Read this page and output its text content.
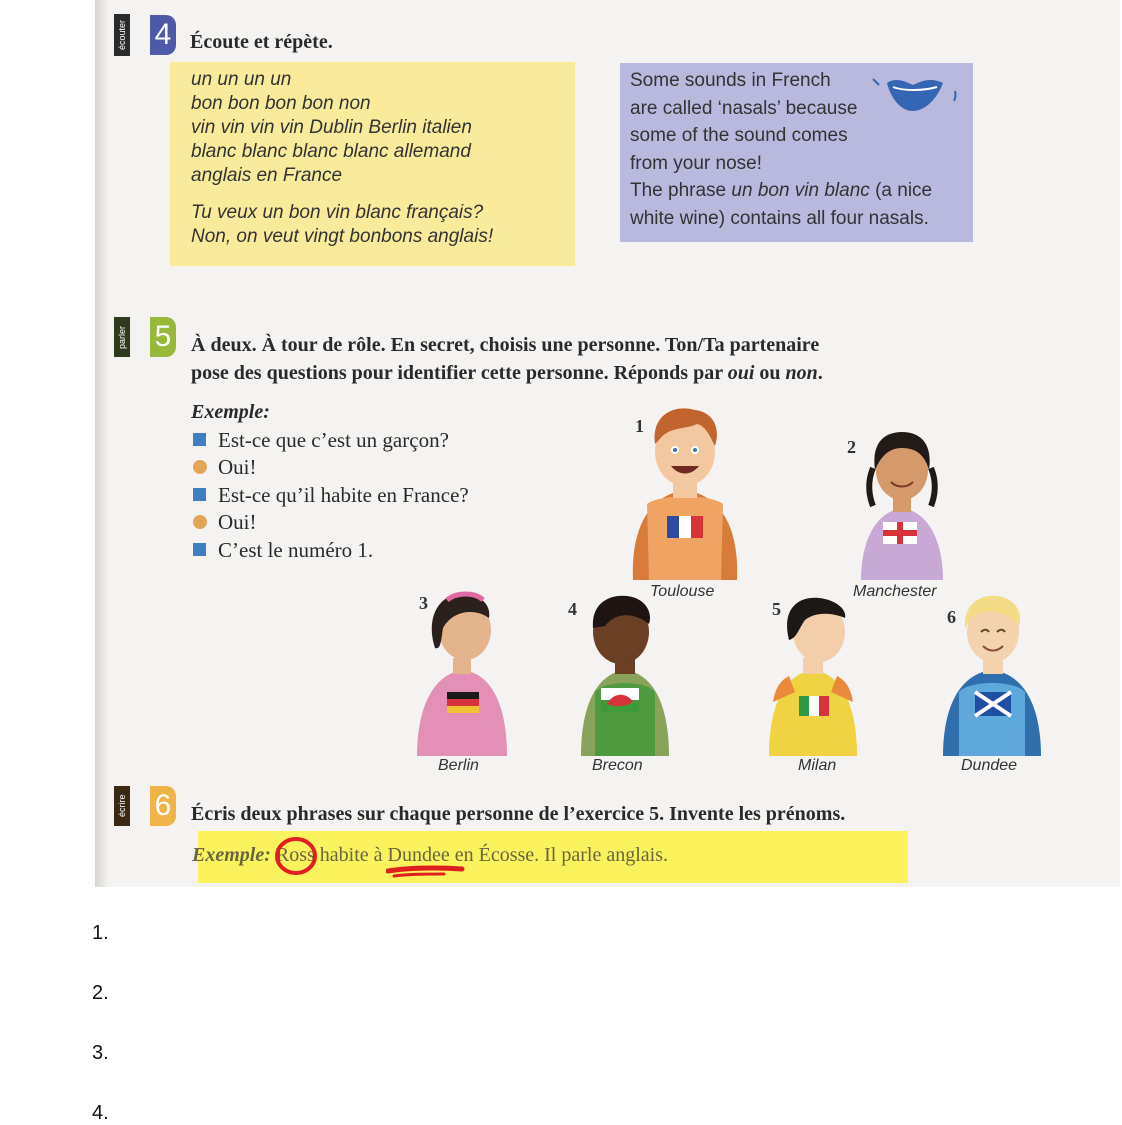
écouter 4 Écoute et répète.
un un un un
bon bon bon bon non
vin vin vin vin Dublin Berlin italien
blanc blanc blanc blanc allemand
anglais en France
Tu veux un bon vin blanc français?
Non, on veut vingt bonbons anglais!
Some sounds in French
are called ‘nasals’ because
some of the sound comes
from your nose!
The phrase un bon vin blanc (a nice
white wine) contains all four nasals.
parler 5 À deux. À tour de rôle. En secret, choisis une personne. Ton/Ta partenaire
pose des questions pour identifier cette personne. Réponds par oui ou non.
Exemple:
Est-ce que c’est un garçon?
Oui!
Est-ce qu’il habite en France?
Oui!
C’est le numéro 1.
1
Toulouse
2
Manchester
3
Berlin
4
Brecon
5
Milan
6
Dundee
écrire 6 Écris deux phrases sur chaque personne de l’exercice 5. Invente les prénoms.
Exemple: Ross
habite à Dundee
en Écosse. Il parle anglais.
1.
2.
3.
4.
